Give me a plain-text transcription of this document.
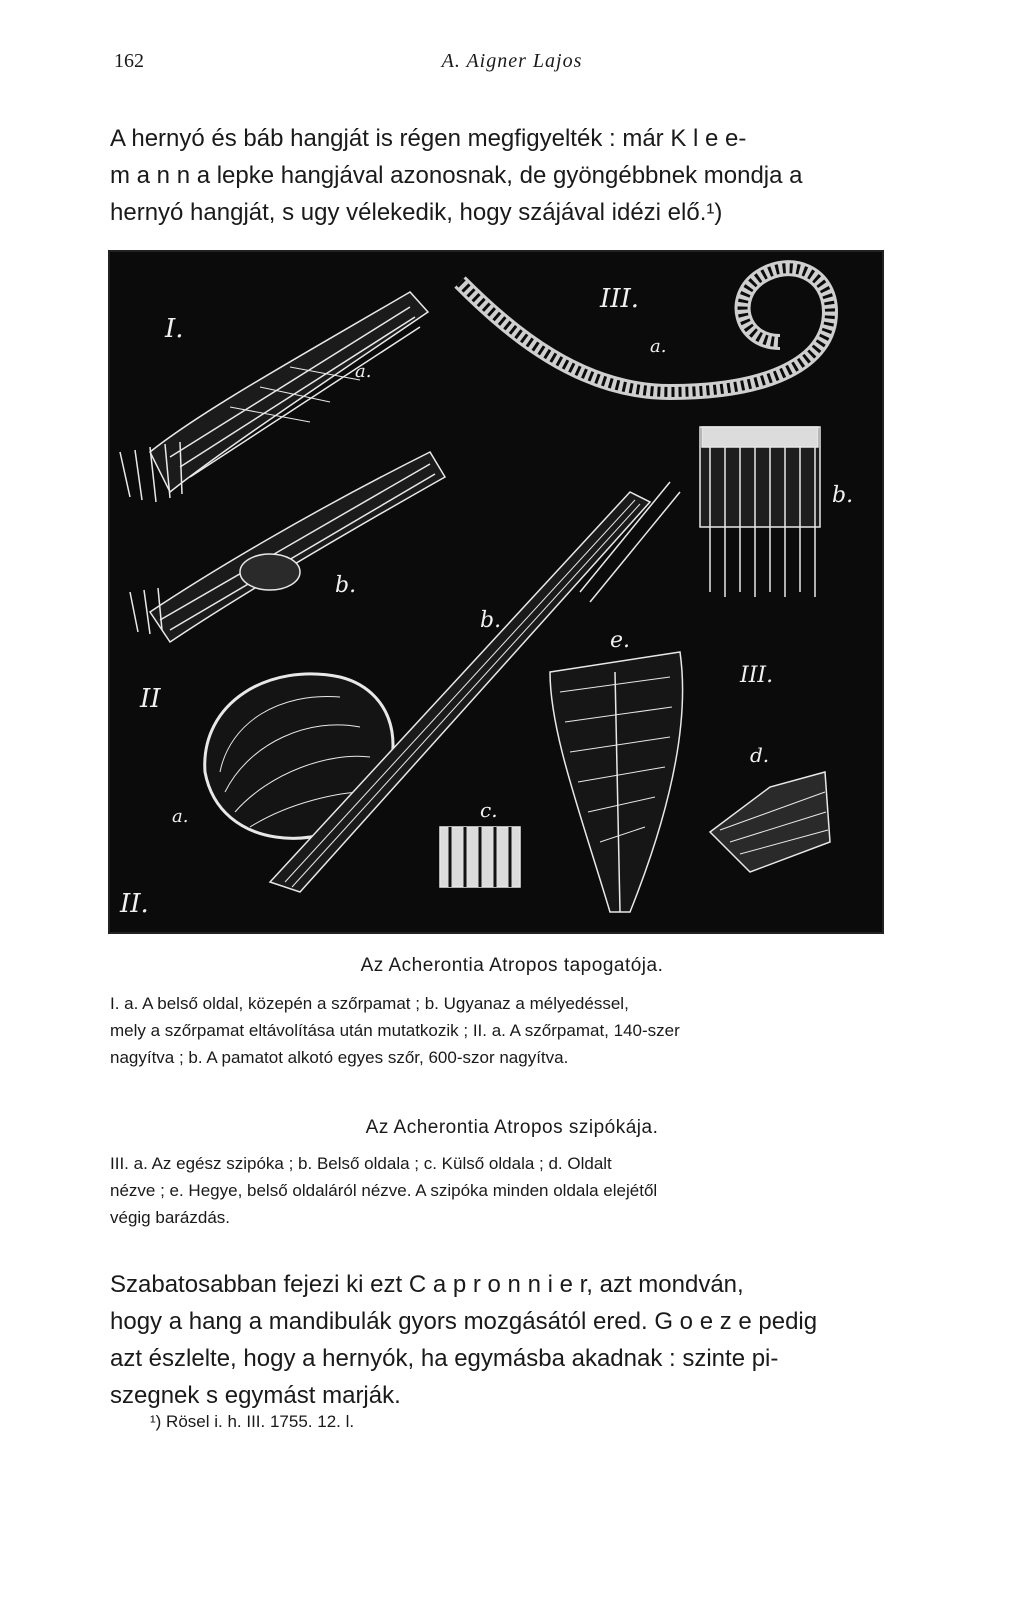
162	A. Aigner Lajos
A hernyó és báb hangját is régen megfigyelték : már K l e e-
m a n n a lepke hangjával azonosnak, de gyöngébbnek mondja a
hernyó hangját, s ugy vélekedik, hogy szájával idézi elő.¹)
I.
a.
III.
a.
b.
b.
b.
e.
II
a.	c.
III.
d.
II.
Az Acherontia Atropos tapogatója.
I. a. A belső oldal, közepén a szőrpamat ; b. Ugyanaz a mélyedéssel,
mely a szőrpamat eltávolítása után mutatkozik ; II. a. A szőrpamat, 140-szer
nagyítva ; b. A pamatot alkotó egyes szőr, 600-szor nagyítva.
Az Acherontia Atropos szipókája.
III. a. Az egész szipóka ; b. Belső oldala ; c. Külső oldala ; d. Oldalt
nézve ; e. Hegye, belső oldaláról nézve. A szipóka minden oldala elejétől
végig barázdás.
Szabatosabban fejezi ki ezt C a p r o n n i e r, azt mondván,
hogy a hang a mandibulák gyors mozgásától ered. G o e z e pedig
azt észlelte, hogy a hernyók, ha egymásba akadnak : szinte pi-
szegnek s egymást marják.
¹) Rösel i. h. III. 1755. 12. l.
